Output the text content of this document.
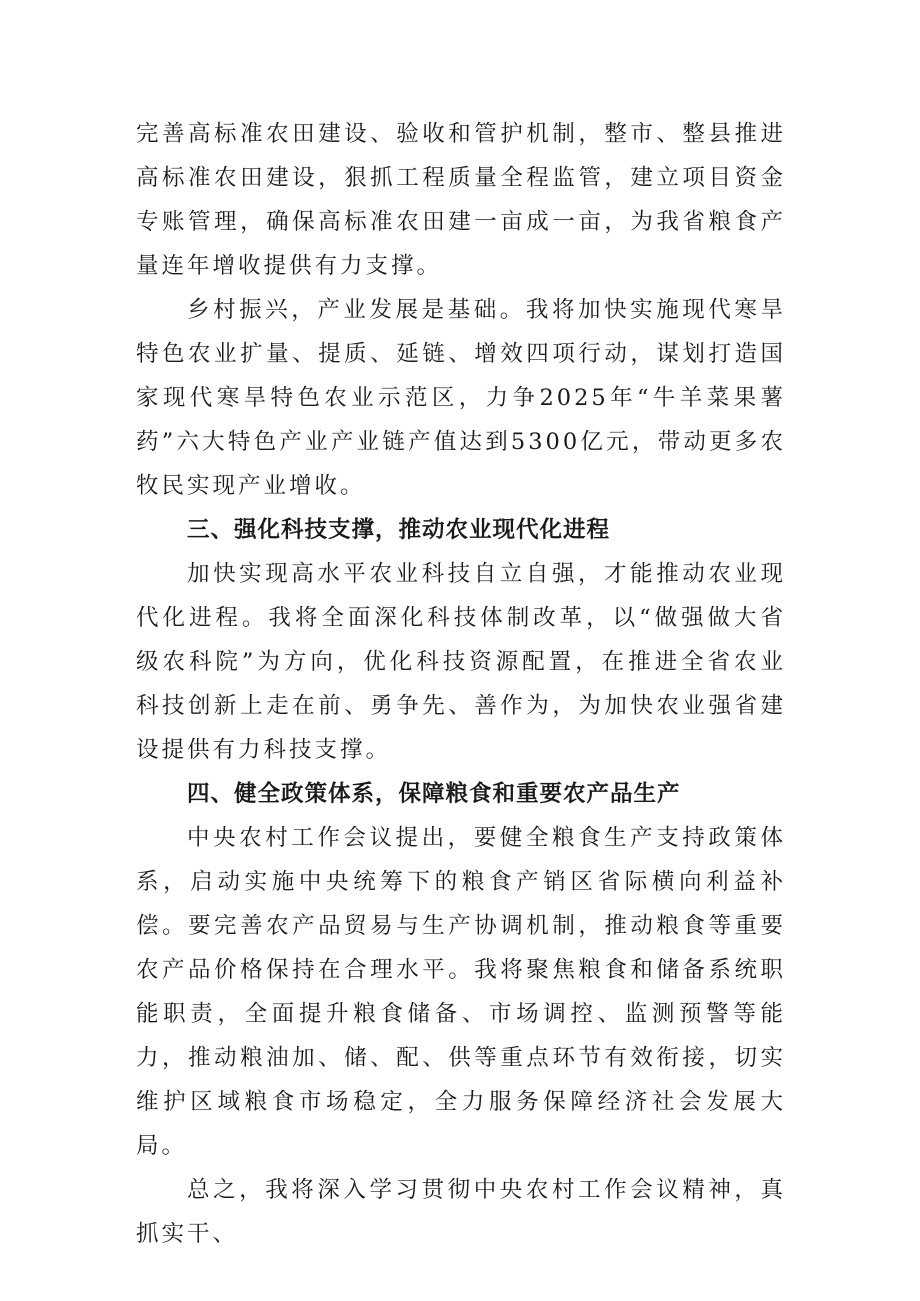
完善高标准农田建设、验收和管护机制，整市、整县推进高标准农田建设，狠抓工程质量全程监管，建立项目资金专账管理，确保高标准农田建一亩成一亩，为我省粮食产量连年增收提供有力支撑。

乡村振兴，产业发展是基础。我将加快实施现代寒旱特色农业扩量、提质、延链、增效四项行动，谋划打造国家现代寒旱特色农业示范区，力争2025年“牛羊菜果薯药”六大特色产业产业链产值达到5300亿元，带动更多农牧民实现产业增收。

三、强化科技支撑，推动农业现代化进程

加快实现高水平农业科技自立自强，才能推动农业现代化进程。我将全面深化科技体制改革，以“做强做大省级农科院”为方向，优化科技资源配置，在推进全省农业科技创新上走在前、勇争先、善作为，为加快农业强省建设提供有力科技支撑。

四、健全政策体系，保障粮食和重要农产品生产

中央农村工作会议提出，要健全粮食生产支持政策体系，启动实施中央统筹下的粮食产销区省际横向利益补偿。要完善农产品贸易与生产协调机制，推动粮食等重要农产品价格保持在合理水平。我将聚焦粮食和储备系统职能职责，全面提升粮食储备、市场调控、监测预警等能力，推动粮油加、储、配、供等重点环节有效衔接，切实维护区域粮食市场稳定，全力服务保障经济社会发展大局。

总之，我将深入学习贯彻中央农村工作会议精神，真抓实干、
